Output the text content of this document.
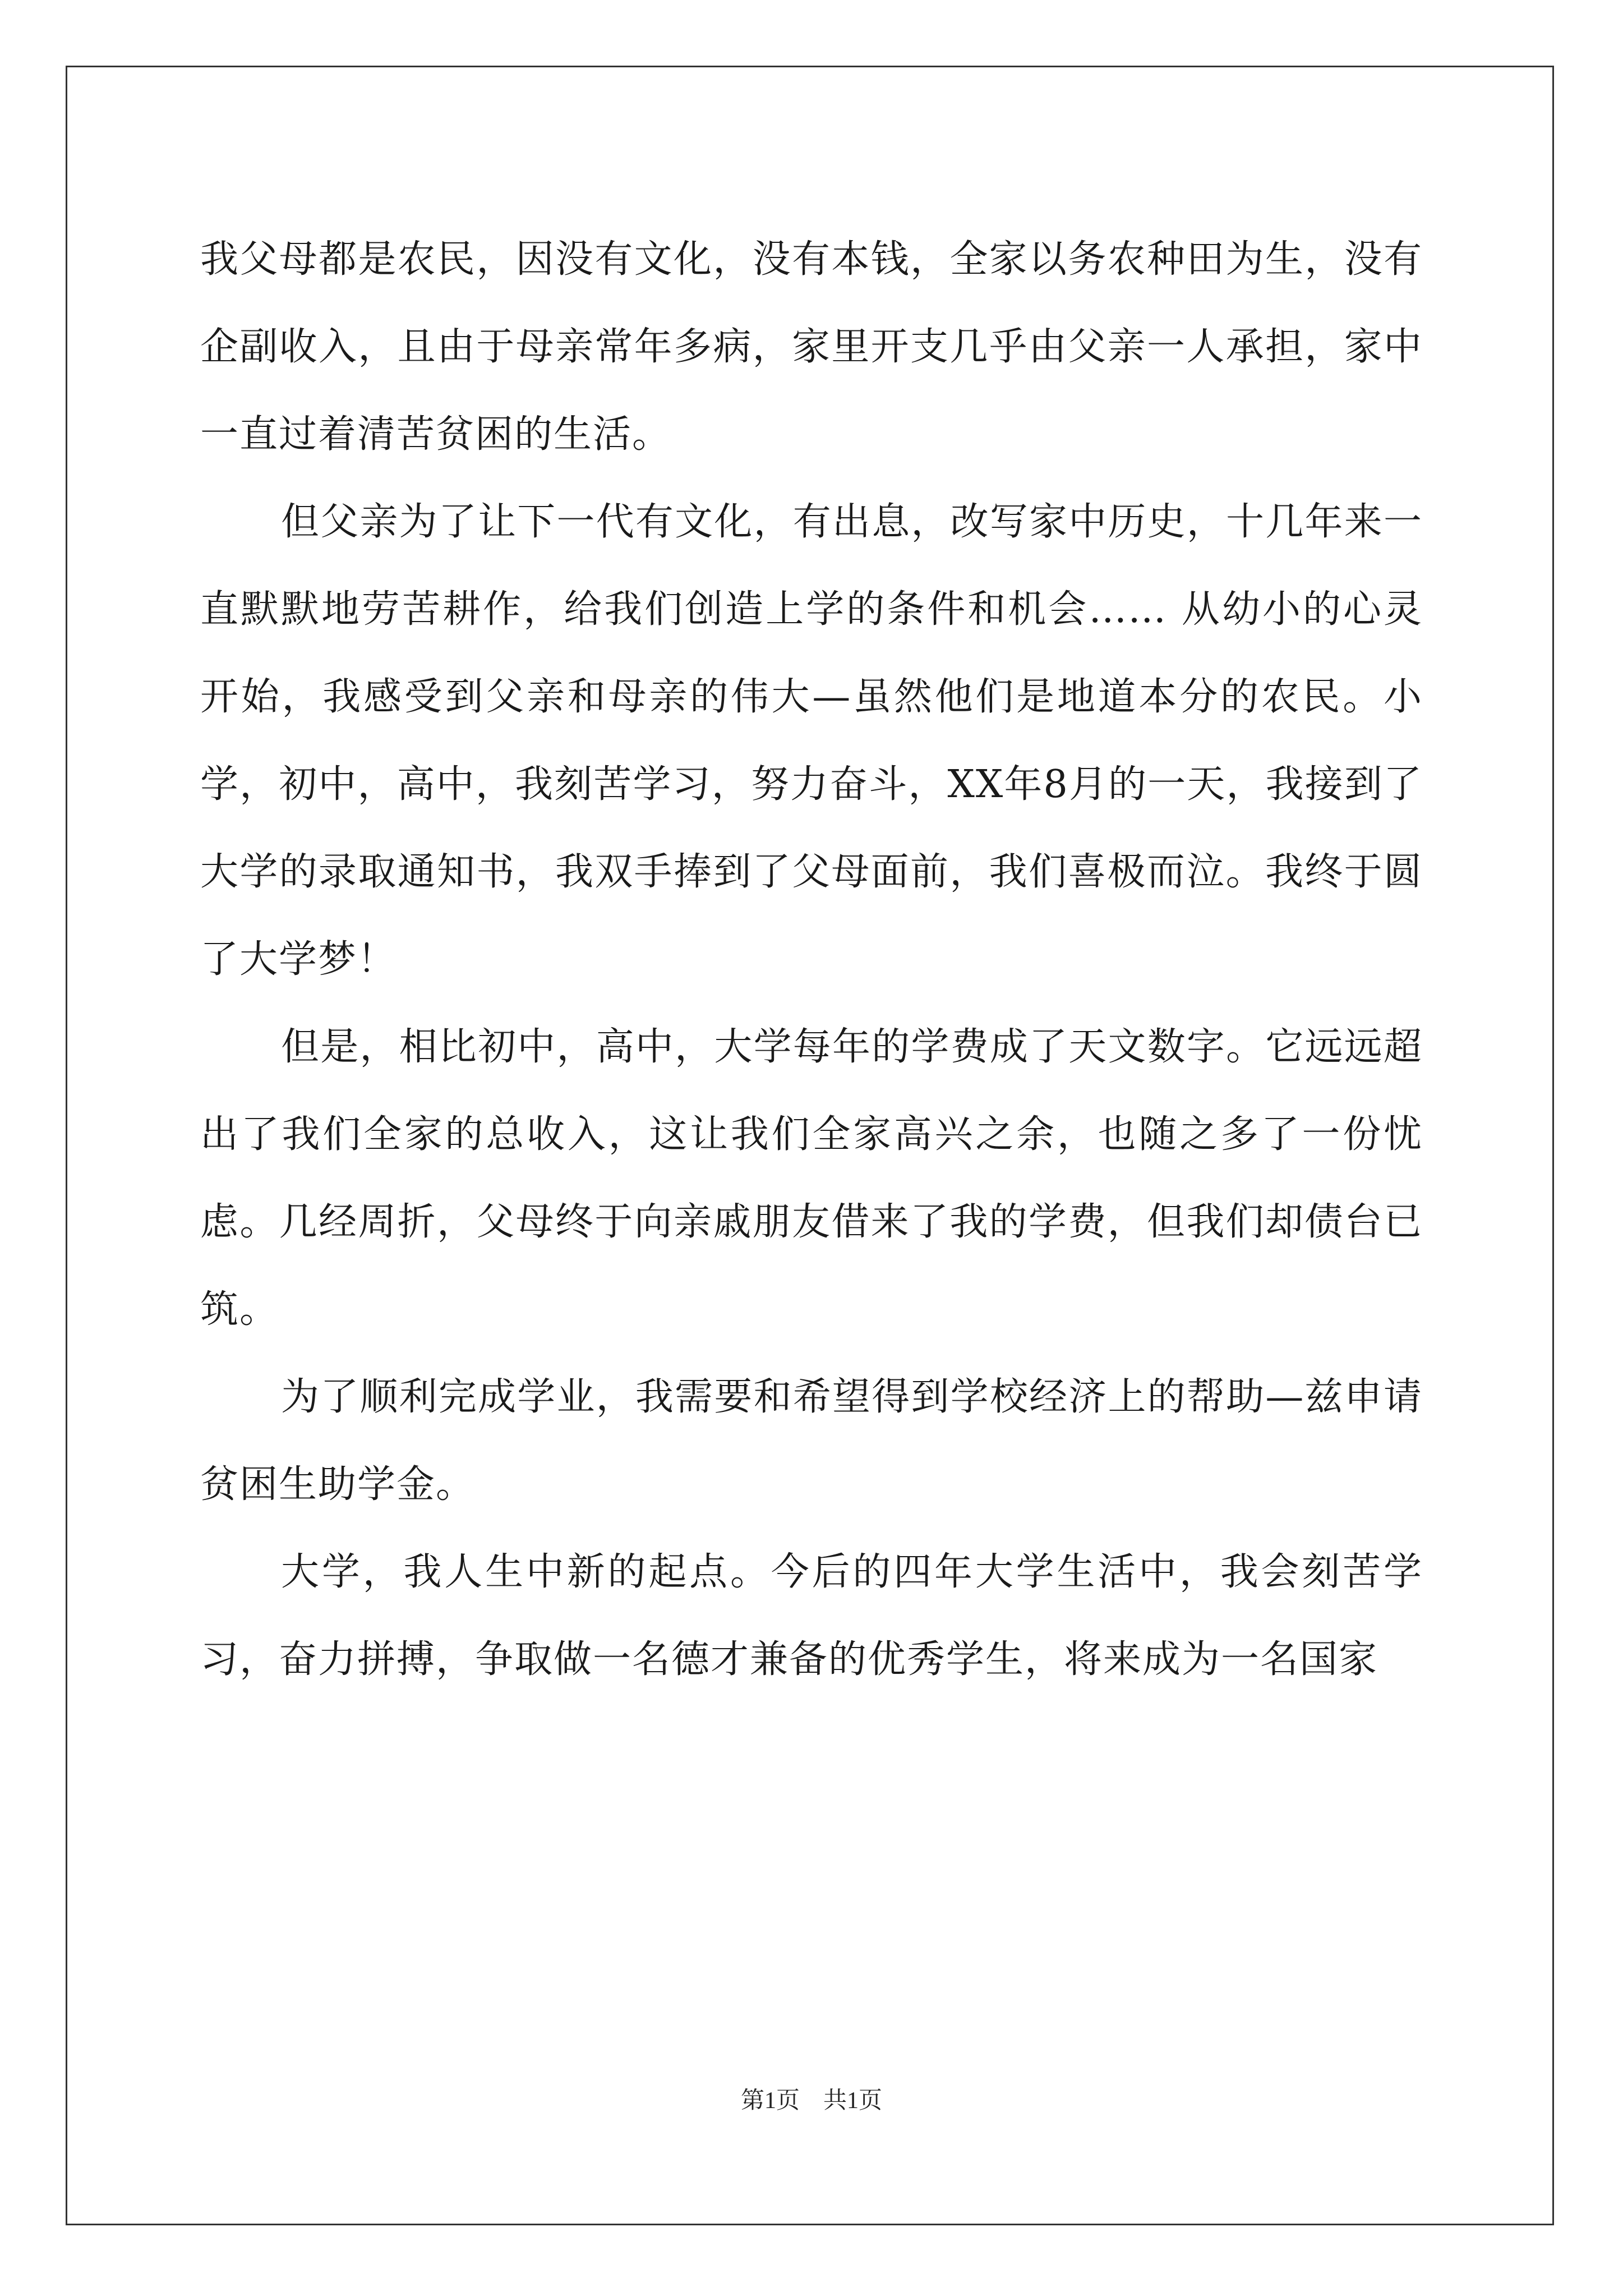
我父母都是农民，因没有文化，没有本钱，全家以务农种田为生，没有企副收入，且由于母亲常年多病，家里开支几乎由父亲一人承担，家中一直过着清苦贫困的生活。

但父亲为了让下一代有文化，有出息，改写家中历史，十几年来一直默默地劳苦耕作，给我们创造上学的条件和机会…… 从幼小的心灵开始，我感受到父亲和母亲的伟大—虽然他们是地道本分的农民。小学，初中，高中，我刻苦学习，努力奋斗，XX年8月的一天，我接到了 大学的录取通知书，我双手捧到了父母面前，我们喜极而泣。我终于圆了大学梦！

但是，相比初中，高中，大学每年的学费成了天文数字。它远远超出了我们全家的总收入，这让我们全家高兴之余，也随之多了一份忧虑。几经周折，父母终于向亲戚朋友借来了我的学费，但我们却债台已筑。

为了顺利完成学业，我需要和希望得到学校经济上的帮助—兹申请贫困生助学金。

大学，我人生中新的起点。今后的四年大学生活中，我会刻苦学习，奋力拼搏，争取做一名德才兼备的优秀学生，将来成为一名国家

第1页    共1页
